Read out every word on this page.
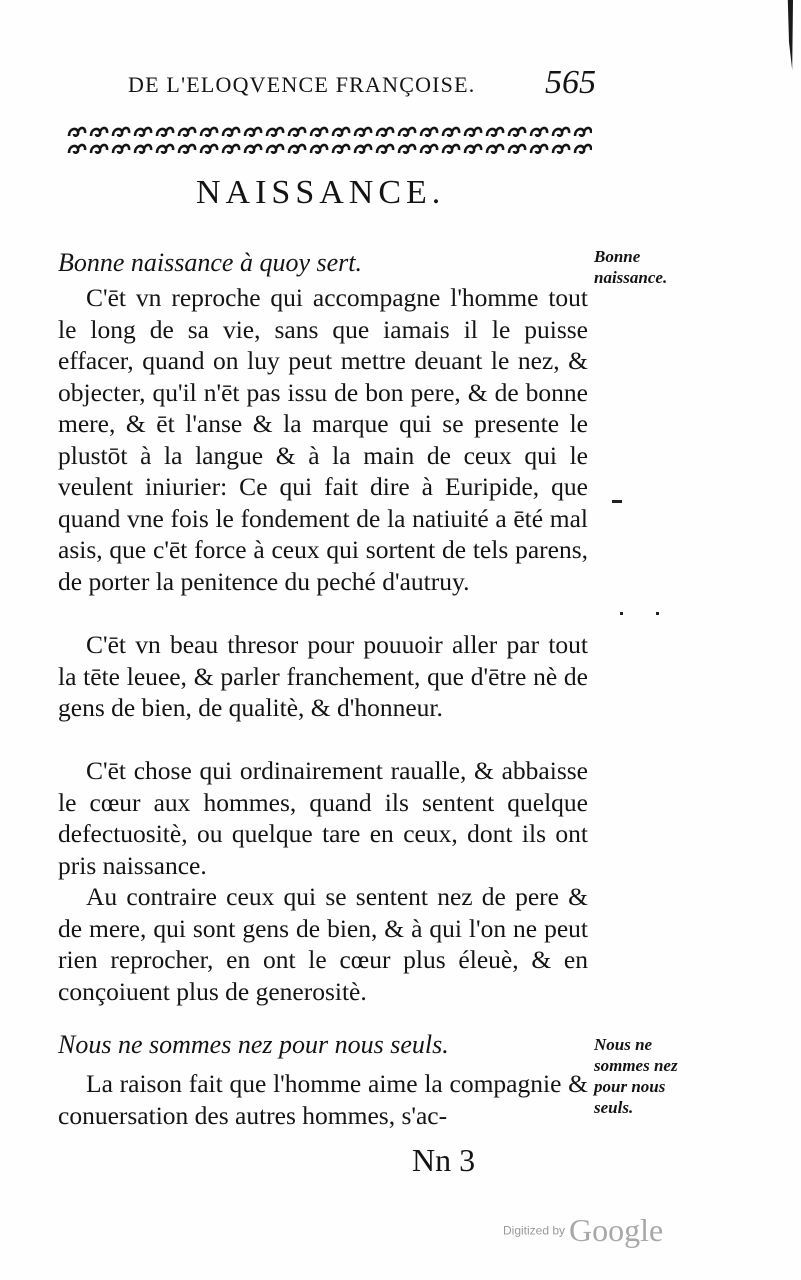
DE L'ELOQVENCE FRANÇOISE.	565
NAISSANCE.
Bonne naissance à quoy sert.	Bonne naissance.

C'ēt vn reproche qui accompagne l'homme tout le long de sa vie, sans que iamais il le puisse effacer, quand on luy peut mettre deuant le nez, & objecter, qu'il n'ēt pas issu de bon pere, & de bonne mere, & ēt l'anse & la marque qui se presente le plustōt à la langue & à la main de ceux qui le veulent iniurier: Ce qui fait dire à Euripide, que quand vne fois le fondement de la natiuité a ēté mal asis, que c'ēt force à ceux qui sortent de tels parens, de porter la penitence du peché d'autruy.

C'ēt vn beau thresor pour pouuoir aller par tout la tēte leuee, & parler franchement, que d'ētre nè de gens de bien, de qualitè, & d'honneur.

C'ēt chose qui ordinairement raualle, & abbaisse le cœur aux hommes, quand ils sentent quelque defectuositè, ou quelque tare en ceux, dont ils ont pris naissance.

Au contraire ceux qui se sentent nez de pere & de mere, qui sont gens de bien, & à qui l'on ne peut rien reprocher, en ont le cœur plus éleuè, & en conçoiuent plus de generositè.

Nous ne sommes nez pour nous seuls.	Nous ne sommes nez pour nous seuls.

La raison fait que l'homme aime la compagnie & conuersation des autres hommes, s'ac-

Nn 3
Digitized by Google
